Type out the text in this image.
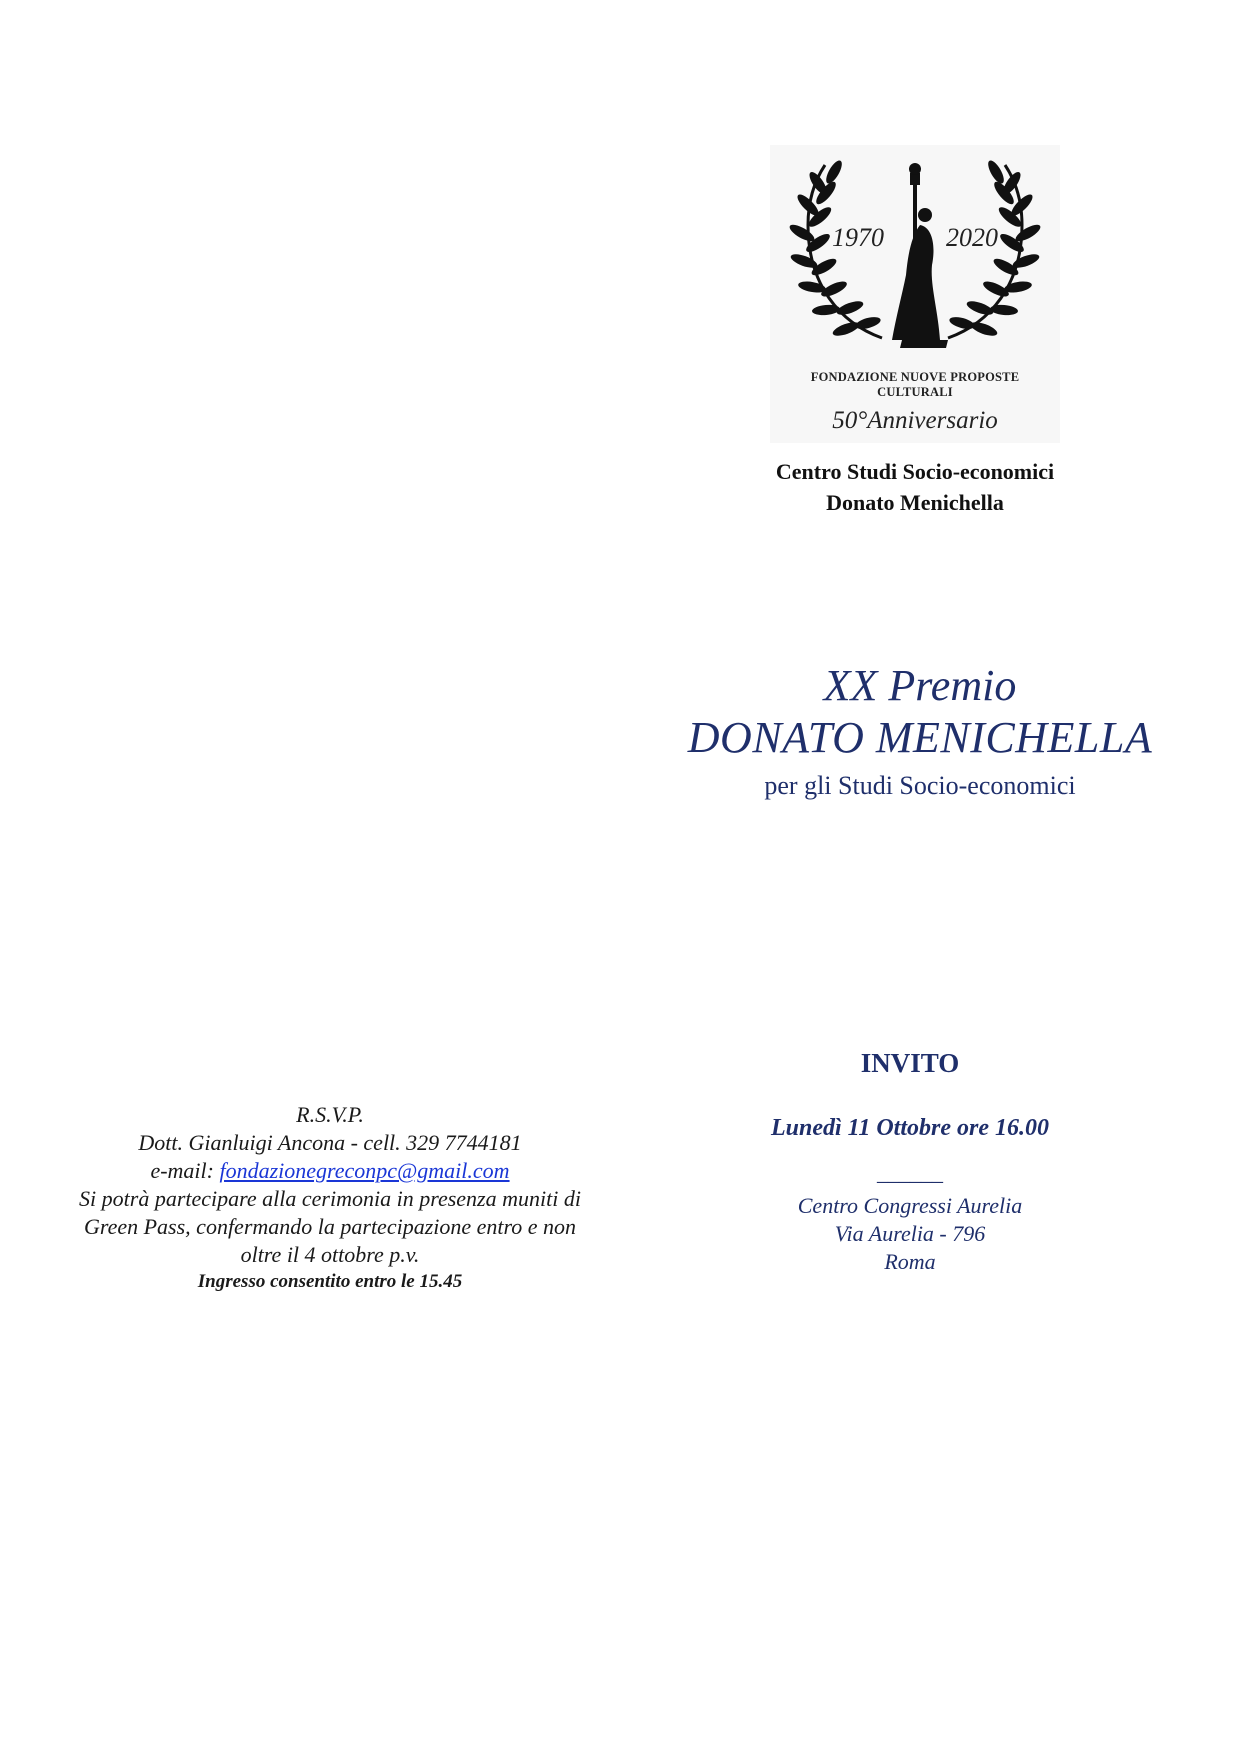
1970 2020
FONDAZIONE NUOVE PROPOSTE
CULTURALI
50°Anniversario
Centro Studi Socio-economici
Donato Menichella
XX Premio
DONATO MENICHELLA
per gli Studi Socio-economici
INVITO
Lunedì 11 Ottobre ore 16.00
______
Centro Congressi Aurelia
Via Aurelia - 796
Roma
R.S.V.P.
Dott. Gianluigi Ancona - cell. 329 7744181
e-mail: fondazionegreconpc@gmail.com
Si potrà partecipare alla cerimonia in presenza muniti di
Green Pass, confermando la partecipazione entro e non
oltre il 4 ottobre p.v.
Ingresso consentito entro le 15.45
